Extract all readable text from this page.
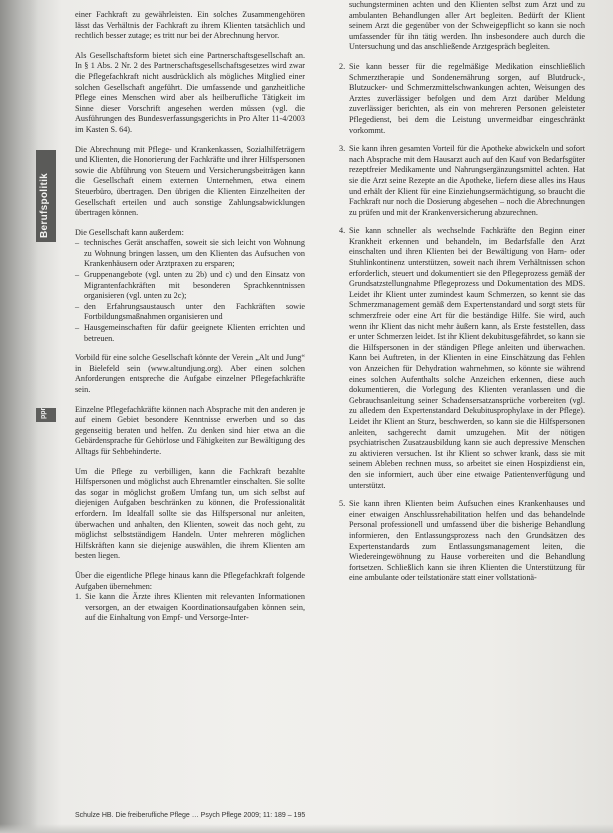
Berufspolitik
ppr

einer Fachkraft zu gewährleisten. Ein solches Zusammengehören lässt das Verhältnis der Fachkraft zu ihrem Klienten tatsächlich und rechtlich besser zutage; es tritt nur bei der Abrechnung hervor.

Als Gesellschaftsform bietet sich eine Partnerschaftsgesellschaft an. In § 1 Abs. 2 Nr. 2 des Partnerschaftsgesellschaftsgesetzes wird zwar die Pflegefachkraft nicht ausdrücklich als mögliches Mitglied einer solchen Gesellschaft angeführt. Die umfassende und ganzheitliche Pflege eines Menschen wird aber als heilberufliche Tätigkeit im Sinne dieser Vorschrift angesehen werden müssen (vgl. die Ausführungen des Bundesverfassungsgerichts in Pro Alter 11-4/2003 im Kasten S. 64).

Die Abrechnung mit Pflege- und Krankenkassen, Sozialhilfeträgern und Klienten, die Honorierung der Fachkräfte und ihrer Hilfspersonen sowie die Abführung von Steuern und Versicherungsbeiträgen kann die Gesellschaft einem externen Unternehmen, etwa einem Steuerbüro, übertragen. Den übrigen die Klienten Einzelheiten der Gesellschaft erteilen und auch sonstige Zahlungsabwicklungen übertragen können.

Die Gesellschaft kann außerdem:

– technisches Gerät anschaffen, soweit sie sich leicht von Wohnung zu Wohnung bringen lassen, um den Klienten das Aufsuchen von Krankenhäusern oder Arztpraxen zu ersparen;
– Gruppenangebote (vgl. unten zu 2b) und c) und den Einsatz von Migrantenfachkräften mit besonderen Sprachkenntnissen organisieren (vgl. unten zu 2c);
– den Erfahrungsaustausch unter den Fachkräften sowie Fortbildungsmaßnahmen organisieren und
– Hausgemeinschaften für dafür geeignete Klienten errichten und betreuen.

Vorbild für eine solche Gesellschaft könnte der Verein „Alt und Jung“ in Bielefeld sein (www.altundjung.org). Aber einen solchen Anforderungen entspreche die Aufgabe einzelner Pflegefachkräfte sein.

Einzelne Pflegefachkräfte können nach Absprache mit den anderen je auf einem Gebiet besondere Kenntnisse erwerben und so das gegenseitig beraten und helfen. Zu denken sind hier etwa an die Gebärdensprache für Gehörlose und Fähigkeiten zur Bewältigung des Alltags für Sehbehinderte.

Um die Pflege zu verbilligen, kann die Fachkraft bezahlte Hilfspersonen und möglichst auch Ehrenamtler einschalten. Sie sollte das sogar in möglichst großem Umfang tun, um sich selbst auf diejenigen Aufgaben beschränken zu können, die Professionalität erfordern. Im Idealfall sollte sie das Hilfspersonal nur anleiten, überwachen und anhalten, den Klienten, soweit das noch geht, zu möglichst selbstständigem Handeln. Unter mehreren möglichen Hilfskräften kann sie diejenige auswählen, die ihrem Klienten am besten liegen.

Über die eigentliche Pflege hinaus kann die Pflegefachkraft folgende Aufgaben übernehmen:

1. Sie kann die Ärzte ihres Klienten mit relevanten Informationen versorgen, an der etwaigen Koordinationsaufgaben können sein, auf die Einhaltung von Empf- und Versorge-Inter-

suchungsterminen achten und den Klienten selbst zum Arzt und zu ambulanten Behandlungen aller Art begleiten. Bedürft der Klient seinem Arzt die gegenüber von der Schweigepflicht so kann sie noch umfassender für ihn tätig werden. Ihn insbesondere auch durch die Untersuchung und das anschließende Arztgespräch begleiten.

2. Sie kann besser für die regelmäßige Medikation einschließlich Schmerztherapie und Sondenernährung sorgen, auf Blutdruck-, Blutzucker- und Schmerzmittelschwankungen achten, Weisungen des Arztes zuverlässiger befolgen und dem Arzt darüber Meldung zuverlässiger berichten, als ein von mehreren Personen geleisteter Pflegedienst, bei dem die Leistung unvermeidbar eingeschränkt vorkommt.

3. Sie kann ihren gesamten Vorteil für die Apotheke abwickeln und sofort nach Absprache mit dem Hausarzt auch auf den Kauf von Bedarfsgüter rezeptfreier Medikamente und Nahrungsergänzungsmittel achten. Hat sie die Arzt seine Rezepte an die Apotheke, liefern diese alles ins Haus und erhält der Klient für eine Einziehungsermächtigung, so braucht die Fachkraft nur noch die Dosierung abgesehen – noch die Abrechnungen zu prüfen und mit der Krankenversicherung abzurechnen.

4. Sie kann schneller als wechselnde Fachkräfte den Beginn einer Krankheit erkennen und behandeln, im Bedarfsfalle den Arzt einschalten und ihren Klienten bei der Bewältigung von Harn- oder Stuhlinkontinenz unterstützen, soweit nach ihrem Verhältnissen schon erforderlich, steuert und dokumentiert sie den Pflegeprozess gemäß der Grundsatzstellungnahme Pflegeprozess und Dokumentation des MDS. Leidet ihr Klient unter zumindest kaum Schmerzen, so kennt sie das Schmerzmanagement gemäß dem Expertenstandard und sorgt stets für schmerzfreie oder eine Art für die beständige Hilfe. Sie wird, auch wenn ihr Klient das nicht mehr äußern kann, als Erste feststellen, dass er unter Schmerzen leidet. Ist ihr Klient dekubitusgefährdet, so kann sie die Hilfspersonen in der ständigen Pflege anleiten und überwachen. Kann bei Auftreten, in der Klienten in eine Einschätzung das Fehlen von Anzeichen für Dehydration wahrnehmen, so könnte sie während eines solchen Aufenthalts solche Anzeichen erkennen, diese auch dokumentieren, die Vorlegung des Klienten veranlassen und die Gebrauchsanleitung seiner Schadensersatzansprüche vorbereiten (vgl. zu alledem den Expertenstandard Dekubitusprophylaxe in der Pflege). Leidet ihr Klient an Sturz, beschwerden, so kann sie die Hilfspersonen anleiten, sachgerecht damit umzugehen. Mit der nötigen psychiatrischen Zusatzausbildung kann sie auch depressive Menschen zu aktivieren versuchen. Ist ihr Klient so schwer krank, dass sie mit seinem Ableben rechnen muss, so arbeitet sie einen Hospizdienst ein, den sie informiert, auch über eine etwaige Patientenverfügung und unterstützt.

5. Sie kann ihren Klienten beim Aufsuchen eines Krankenhauses und einer etwaigen Anschlussrehabilitation helfen und das behandelnde Personal professionell und umfassend über die bisherige Behandlung informieren, den Entlassungsprozess nach den Grundsätzen des Expertenstandards zum Entlassungsmanagement leiten, die Wiedereingewöhnung zu Hause vorbereiten und die Behandlung fortsetzen. Schließlich kann sie ihren Klienten die Unterstützung für eine ambulante oder teilstationäre statt einer vollstationä-

Schulze HB. Die freiberufliche Pflege … Psych Pflege 2009; 11: 189 – 195
